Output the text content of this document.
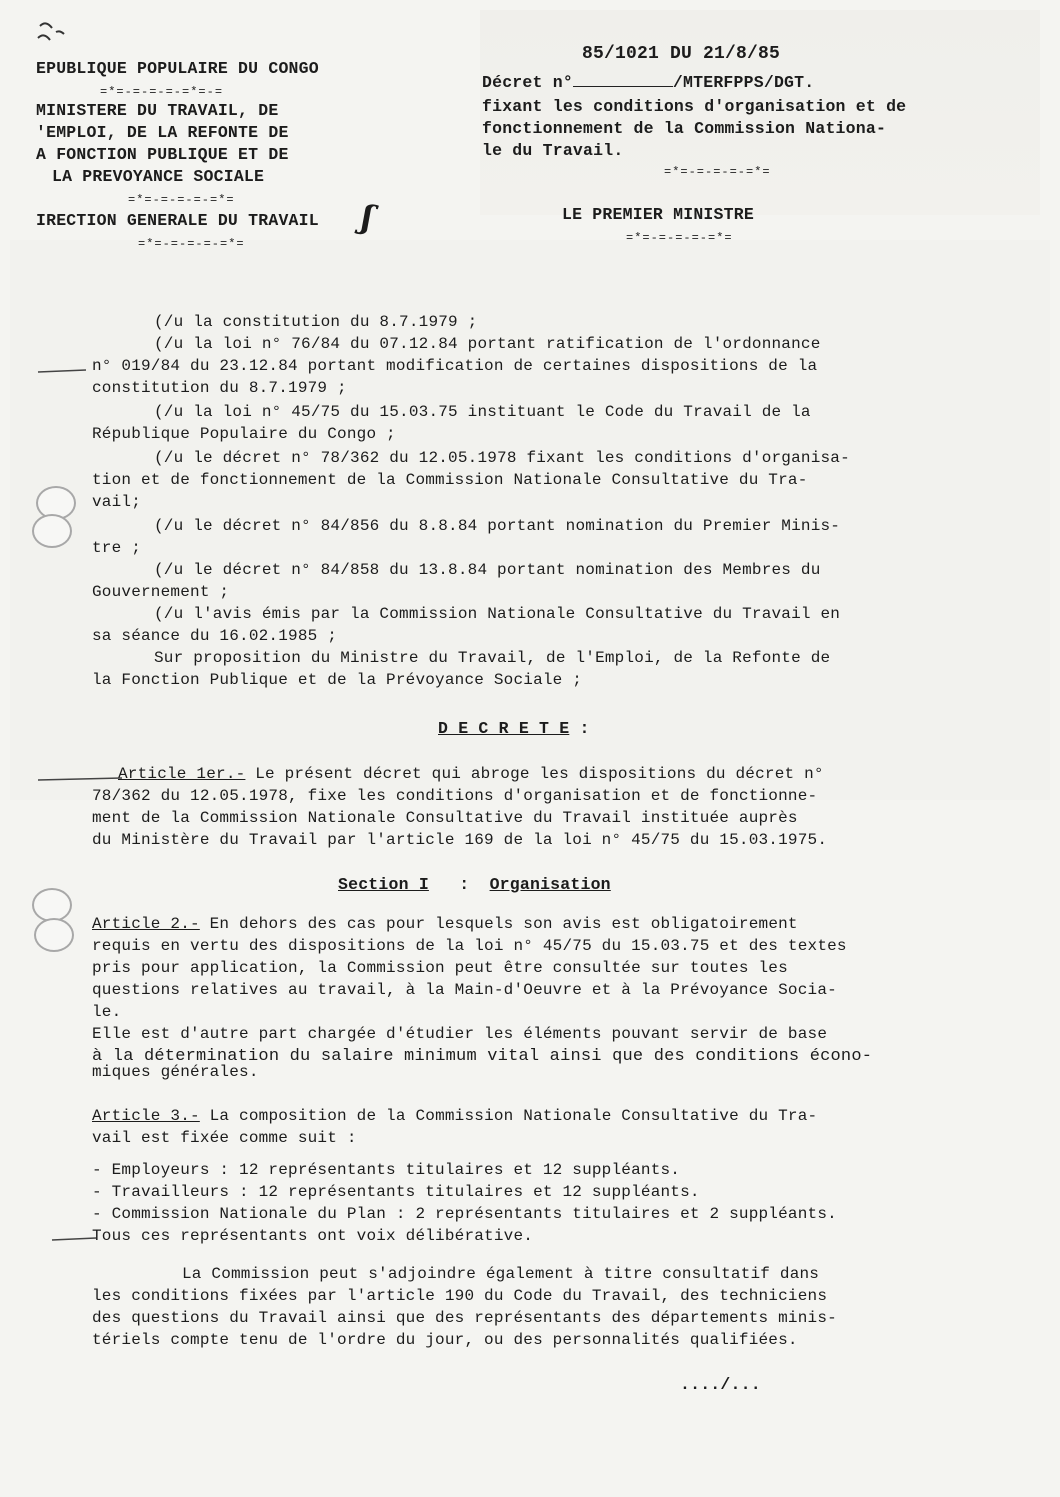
EPUBLIQUE POPULAIRE DU CONGO
=*=-=-=-=-=*=-=
MINISTERE DU TRAVAIL, DE
'EMPLOI, DE LA REFONTE DE
A FONCTION PUBLIQUE ET DE
LA PREVOYANCE SOCIALE
=*=-=-=-=-=*=
IRECTION GENERALE DU TRAVAIL ʃ
=*=-=-=-=-=*=
85/1021 DU 21/8/85
Décret n°	/MTERFPPS/DGT.
fixant les conditions d'organisation et de
fonctionnement de la Commission Nationa-
le du Travail.
=*=-=-=-=-=*=
LE PREMIER MINISTRE
=*=-=-=-=-=*=
(/u la constitution du 8.7.1979 ;
(/u la loi n° 76/84 du 07.12.84 portant ratification de l'ordonnance
n° 019/84 du 23.12.84 portant modification de certaines dispositions de la
constitution du 8.7.1979 ;
(/u la loi n° 45/75 du 15.03.75 instituant le Code du Travail de la
République Populaire du Congo ;
(/u le décret n° 78/362 du 12.05.1978 fixant les conditions d'organisa-
tion et de fonctionnement de la Commission Nationale Consultative du Tra-
vail;
(/u le décret n° 84/856 du 8.8.84 portant nomination du Premier Minis-
tre ;
(/u le décret n° 84/858 du 13.8.84 portant nomination des Membres du
Gouvernement ;
(/u l'avis émis par la Commission Nationale Consultative du Travail en
sa séance du 16.02.1985 ;
Sur proposition du Ministre du Travail, de l'Emploi, de la Refonte de
la Fonction Publique et de la Prévoyance Sociale ;
D E C R E T E :
Article 1er.- Le présent décret qui abroge les dispositions du décret n°
78/362 du 12.05.1978, fixe les conditions d'organisation et de fonctionne-
ment de la Commission Nationale Consultative du Travail instituée auprès
du Ministère du Travail par l'article 169 de la loi n° 45/75 du 15.03.1975.
Section I : Organisation
Article 2.- En dehors des cas pour lesquels son avis est obligatoirement
requis en vertu des dispositions de la loi n° 45/75 du 15.03.75 et des textes
pris pour application, la Commission peut être consultée sur toutes les
questions relatives au travail, à la Main-d'Oeuvre et à la Prévoyance Socia-
le.
Elle est d'autre part chargée d'étudier les éléments pouvant servir de base
à la détermination du salaire minimum vital ainsi que des conditions écono-
miques générales.
Article 3.- La composition de la Commission Nationale Consultative du Tra-
vail est fixée comme suit :
- Employeurs : 12 représentants titulaires et 12 suppléants.
- Travailleurs : 12 représentants titulaires et 12 suppléants.
- Commission Nationale du Plan : 2 représentants titulaires et 2 suppléants.
Tous ces représentants ont voix délibérative.
La Commission peut s'adjoindre également à titre consultatif dans
les conditions fixées par l'article 190 du Code du Travail, des techniciens
des questions du Travail ainsi que des représentants des départements minis-
tériels compte tenu de l'ordre du jour, ou des personnalités qualifiées.
..../...
